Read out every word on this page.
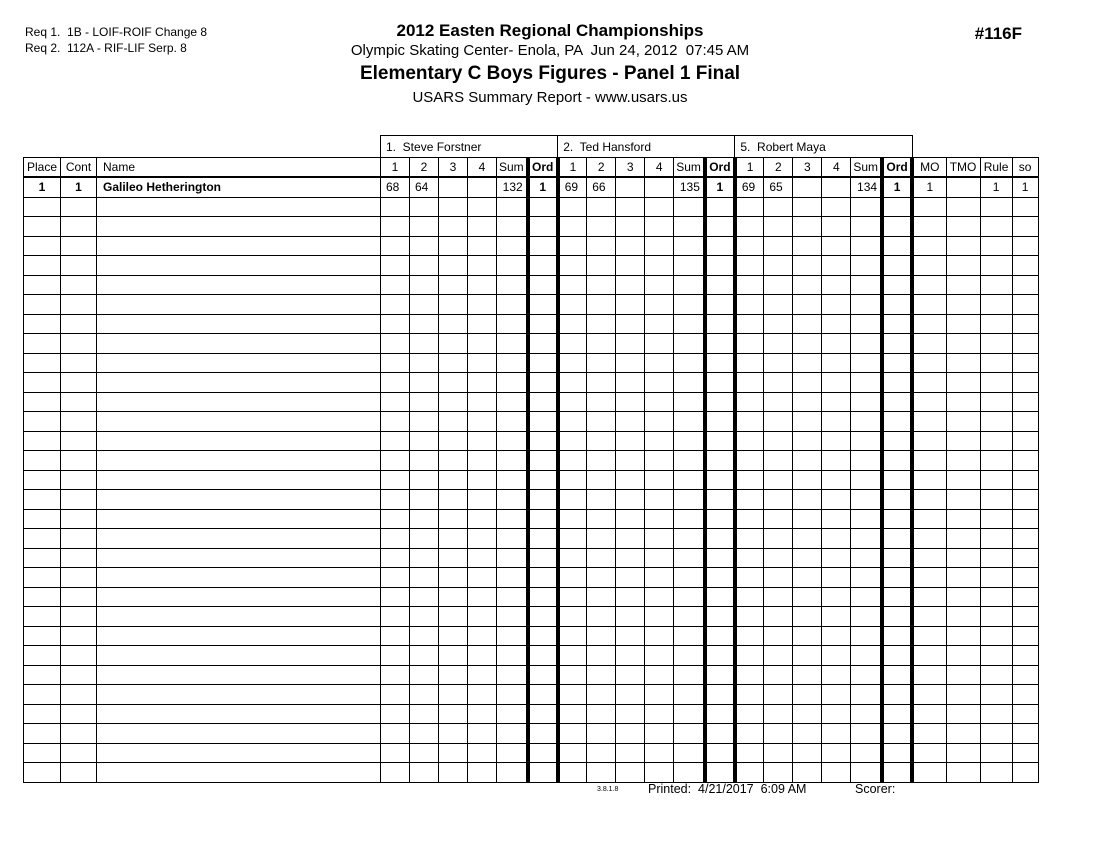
Req 1.  1B - LOIF-ROIF Change 8
Req 2.  112A - RIF-LIF Serp. 8
2012 Easten Regional Championships
Olympic Skating Center- Enola, PA  Jun 24, 2012  07:45 AM
Elementary C Boys Figures - Panel 1 Final
USARS Summary Report - www.usars.us
#116F
			1.  Steve Forstner						2.  Ted Hansford						5.  Robert Maya									
Place	Cont	Name	1	2	3	4	Sum	Ord	1	2	3	4	Sum	Ord	1	2	3	4	Sum	Ord	MO	TMO	Rule	so
1	1	Galileo Hetherington	68	64			132	1	69	66			135	1	69	65			134	1	1		1	1

3.8.1.8 Printed:  4/21/2017  6:09 AM	Scorer:
